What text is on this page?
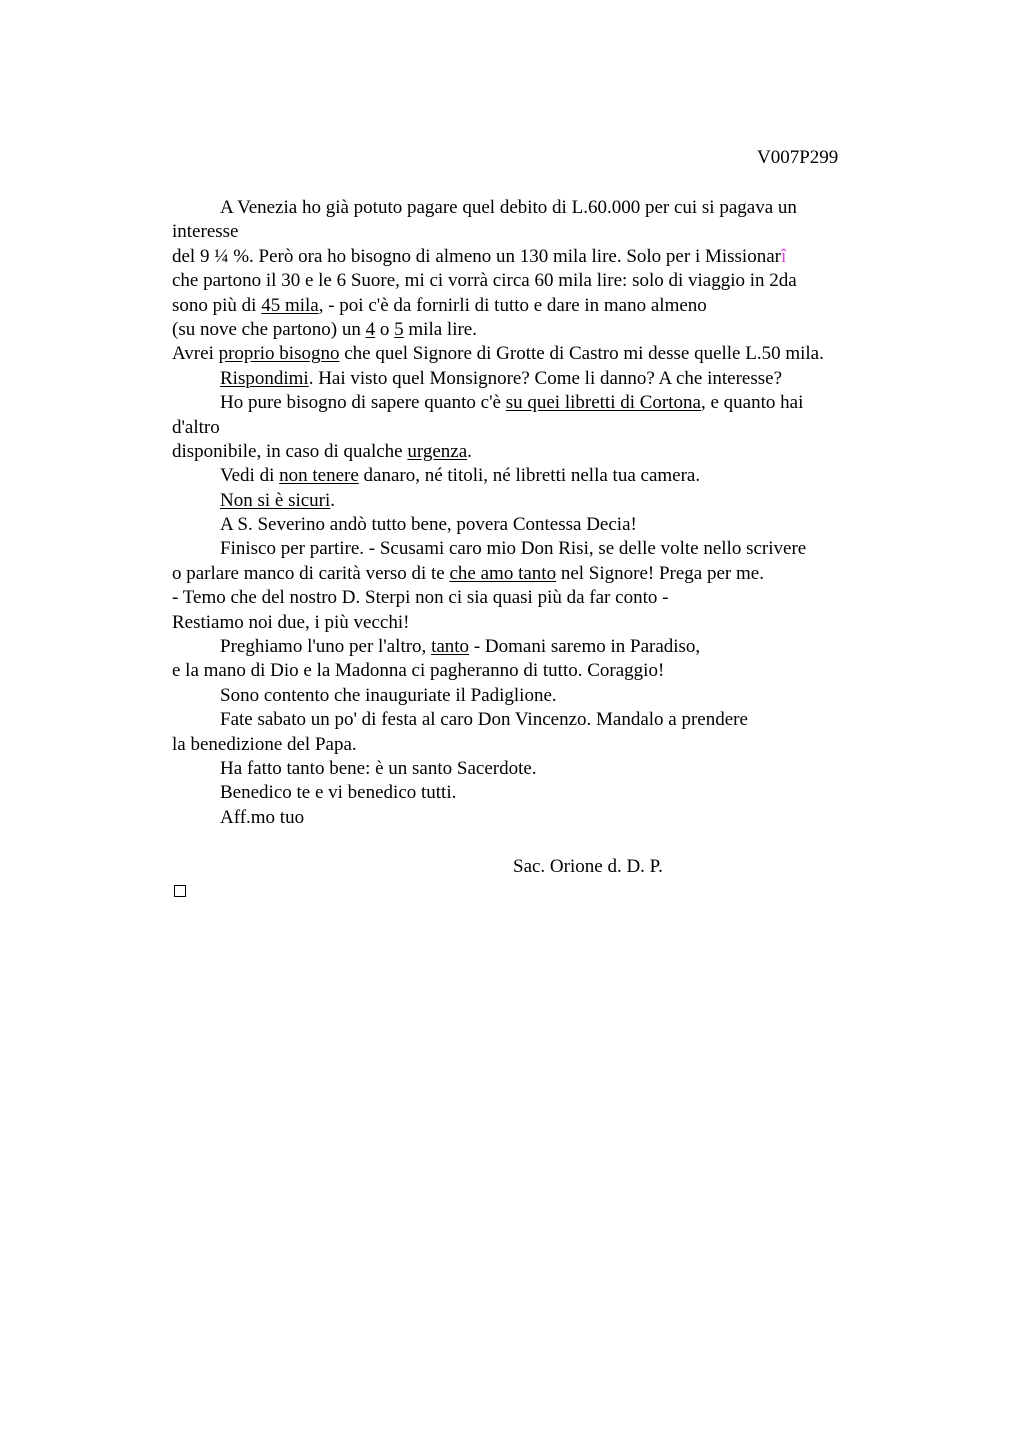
V007P299
A Venezia ho già potuto pagare quel debito di L.60.000 per cui si pagava un
interesse
del 9 ¼ %. Però ora ho bisogno di almeno un 130 mila lire. Solo per i Missionarî
che partono il 30 e le 6 Suore, mi ci vorrà circa 60 mila lire: solo di viaggio in 2da
sono più di 45 mila, - poi c'è da fornirli di tutto e dare in mano almeno
(su nove che partono) un 4 o 5 mila lire.
Avrei proprio bisogno che quel Signore di Grotte di Castro mi desse quelle L.50 mila.
Rispondimi. Hai visto quel Monsignore? Come li danno? A che interesse?
Ho pure bisogno di sapere quanto c'è su quei libretti di Cortona, e quanto hai
d'altro
disponibile, in caso di qualche urgenza.
Vedi di non tenere danaro, né titoli, né libretti nella tua camera.
Non si è sicuri.
A S. Severino andò tutto bene, povera Contessa Decia!
Finisco per partire. - Scusami caro mio Don Risi, se delle volte nello scrivere
o parlare manco di carità verso di te che amo tanto nel Signore! Prega per me.
- Temo che del nostro D. Sterpi non ci sia quasi più da far conto -
Restiamo noi due, i più vecchi!
Preghiamo l'uno per l'altro, tanto - Domani saremo in Paradiso,
e la mano di Dio e la Madonna ci pagheranno di tutto. Coraggio!
Sono contento che inauguriate il Padiglione.
Fate sabato un po' di festa al caro Don Vincenzo. Mandalo a prendere
la benedizione del Papa.
Ha fatto tanto bene: è un santo Sacerdote.
Benedico te e vi benedico tutti.
Aff.mo tuo
Sac. Orione d. D. P.
